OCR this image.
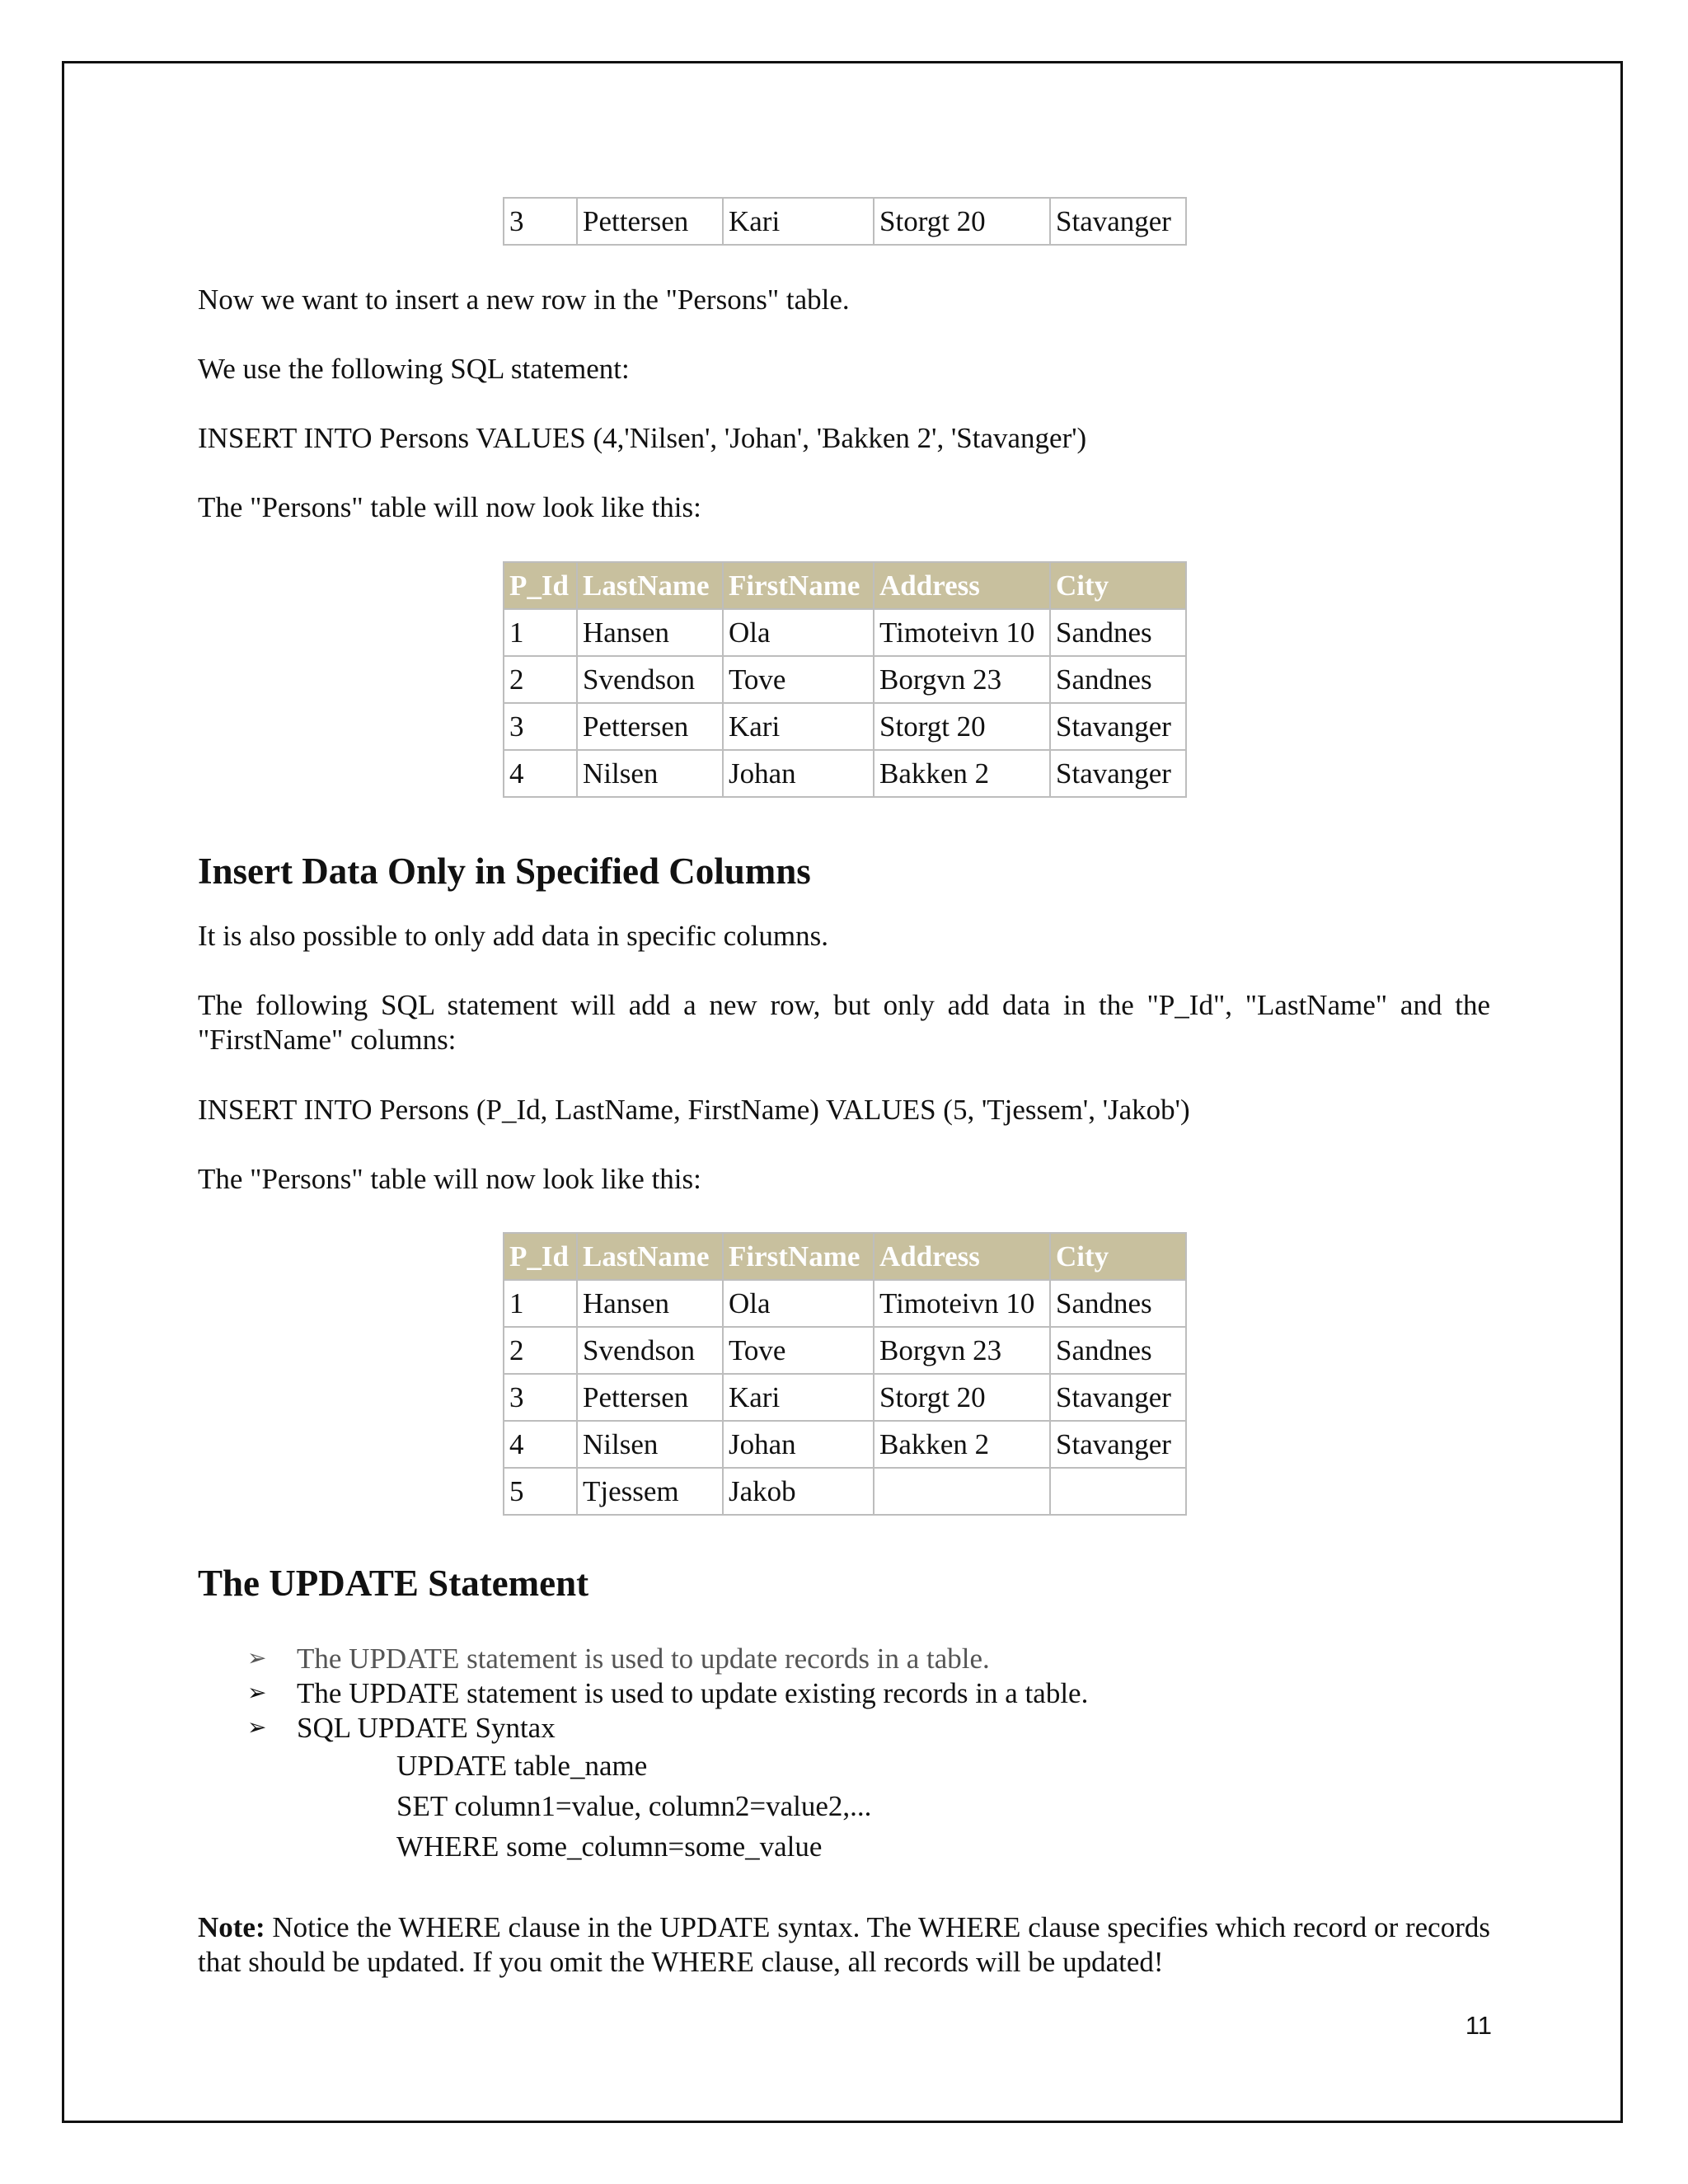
3	Pettersen	Kari	Storgt 20	Stavanger

Now we want to insert a new row in the "Persons" table.

We use the following SQL statement:

INSERT INTO Persons VALUES (4,'Nilsen', 'Johan', 'Bakken 2', 'Stavanger')

The "Persons" table will now look like this:

P_Id	LastName	FirstName	Address	City
1	Hansen	Ola	Timoteivn 10	Sandnes
2	Svendson	Tove	Borgvn 23	Sandnes
3	Pettersen	Kari	Storgt 20	Stavanger
4	Nilsen	Johan	Bakken 2	Stavanger
Insert Data Only in Specified Columns

It is also possible to only add data in specific columns.

The following SQL statement will add a new row, but only add data in the "P_Id", "LastName" and the "FirstName" columns:

INSERT INTO Persons (P_Id, LastName, FirstName) VALUES (5, 'Tjessem', 'Jakob')

The "Persons" table will now look like this:

P_Id	LastName	FirstName	Address	City
1	Hansen	Ola	Timoteivn 10	Sandnes
2	Svendson	Tove	Borgvn 23	Sandnes
3	Pettersen	Kari	Storgt 20	Stavanger
4	Nilsen	Johan	Bakken 2	Stavanger
5	Tjessem	Jakob		
The UPDATE Statement
➢ The UPDATE statement is used to update records in a table.
➢ The UPDATE statement is used to update existing records in a table.
➢ SQL UPDATE Syntax
UPDATE table_name
SET column1=value, column2=value2,...
WHERE some_column=some_value

Note: Notice the WHERE clause in the UPDATE syntax. The WHERE clause specifies which record or records that should be updated. If you omit the WHERE clause, all records will be updated!

11
